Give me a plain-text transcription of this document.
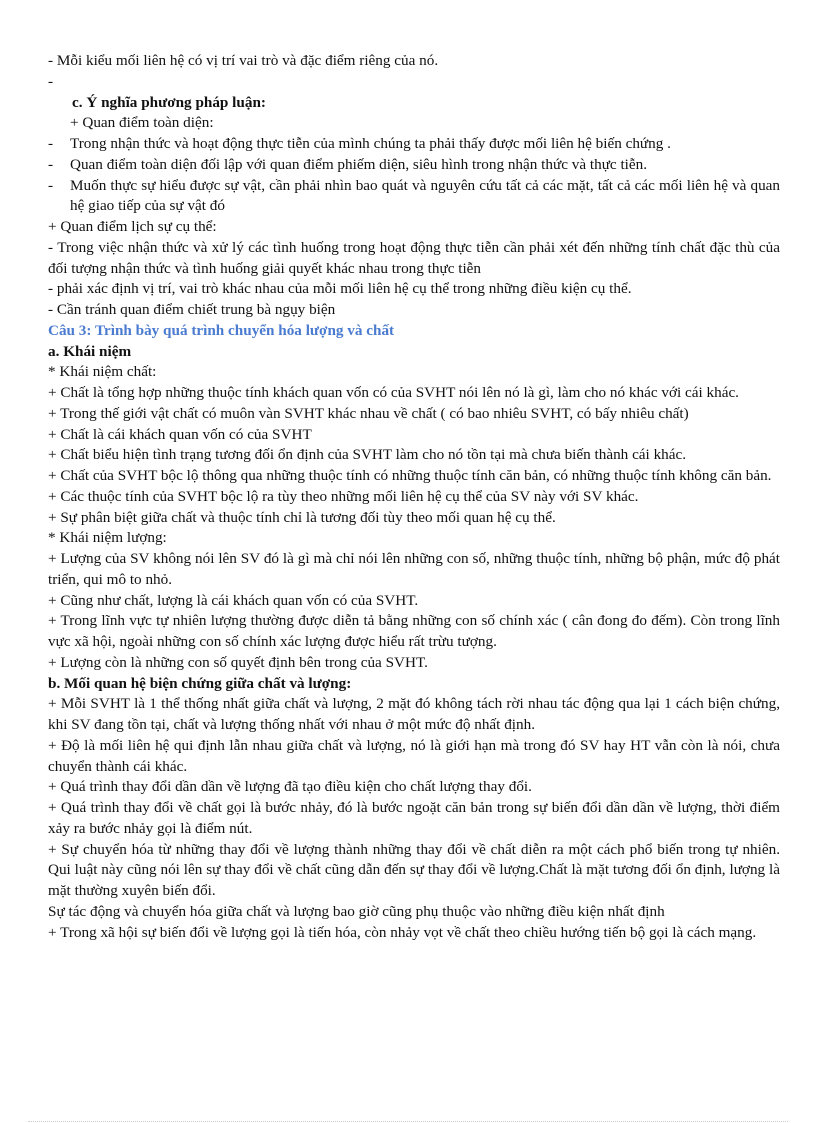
- Mỗi kiểu mối liên hệ có vị trí vai trò và đặc điểm riêng của nó.
-
c. Ý nghĩa phương pháp luận:
+ Quan điểm toàn diện:
- Trong nhận thức và hoạt động thực tiễn của mình chúng ta phải thấy được mối liên hệ biến chứng .
- Quan điểm toàn diện đối lập với quan điểm phiếm diện, siêu hình trong nhận thức và thực tiễn.
- Muốn thực sự hiểu được sự vật, cần phải nhìn bao quát và nguyên cứu tất cả các mặt, tất cả các mối liên hệ và quan hệ giao tiếp của sự vật đó
+ Quan điểm lịch sự cụ thể:
- Trong việc nhận thức và xử lý các tình huống trong hoạt động thực tiễn cần phải xét đến những tính chất đặc thù của đối tượng nhận thức và tình huống giải quyết khác nhau trong thực tiễn
- phải xác định vị trí, vai trò khác nhau của mỗi mối liên hệ cụ thể trong những điều kiện cụ thể.
- Cần tránh quan điểm chiết trung bà ngụy biện
Câu 3: Trình bày quá trình chuyển hóa lượng và chất
a. Khái niệm
* Khái niệm chất:
+ Chất là tổng hợp những thuộc tính khách quan vốn có của SVHT nói lên nó là gì, làm cho nó khác với cái khác.
+ Trong thế giới vật chất có muôn vàn SVHT khác nhau về chất ( có bao nhiêu SVHT, có bấy nhiêu chất)
+ Chất là cái khách quan vốn có của SVHT
+ Chất biểu hiện tình trạng tương đối ổn định của SVHT làm cho nó tồn tại mà chưa biến thành cái khác.
+ Chất của SVHT bộc lộ thông qua những thuộc tính có những thuộc tính căn bản, có những thuộc tính không căn bản.
+ Các thuộc tính của SVHT bộc lộ ra tùy theo những mối liên hệ cụ thể của SV này với SV khác.
+ Sự phân biệt giữa chất và thuộc tính chỉ là tương đối tùy theo mối quan hệ cụ thể.
* Khái niệm lượng:
+ Lượng của SV không nói lên SV đó là gì mà chỉ nói lên những con số, những thuộc tính, những bộ phận, mức độ phát triển, qui mô to nhỏ.
+ Cũng như chất, lượng là cái khách quan vốn có của SVHT.
+ Trong lĩnh vực tự nhiên lượng thường được diễn tả bằng những con số chính xác ( cân đong đo đếm). Còn trong lĩnh vực xã hội, ngoài những con số chính xác lượng được hiểu rất trừu tượng.
+ Lượng còn là những con số quyết định bên trong của SVHT.
b. Mối quan hệ biện chứng giữa chất và lượng:
+ Mỗi SVHT là 1 thể thống nhất giữa chất và lượng, 2 mặt đó không tách rời nhau tác động qua lại 1 cách biện chứng, khi SV đang tồn tại, chất và lượng thống nhất với nhau ở một mức độ nhất định.
+ Độ là mối liên hệ qui định lẫn nhau giữa chất và lượng, nó là giới hạn mà trong đó SV hay HT vẫn còn là nói, chưa chuyển thành cái khác.
+ Quá trình thay đổi dần dần về lượng đã tạo điều kiện cho chất lượng thay đổi.
+ Quá trình thay đổi về chất gọi là bước nhảy, đó là bước ngoặt căn bản trong sự biến đổi dần dần về lượng, thời điểm xảy ra bước nhảy gọi là điểm nút.
+ Sự chuyển hóa từ những thay đổi về lượng thành những thay đổi về chất diễn ra một cách phổ biến trong tự nhiên. Qui luật này cũng nói lên sự thay đổi về chất cũng dẫn đến sự thay đổi về lượng.Chất là mặt tương đối ổn định, lượng là mặt thường xuyên biến đổi.
Sự tác động và chuyển hóa giữa chất và lượng bao giờ cũng phụ thuộc vào những điều kiện nhất định
+ Trong xã hội sự biến đổi về lượng gọi là tiến hóa, còn nhảy vọt về chất theo chiều hướng tiến bộ gọi là cách mạng.
